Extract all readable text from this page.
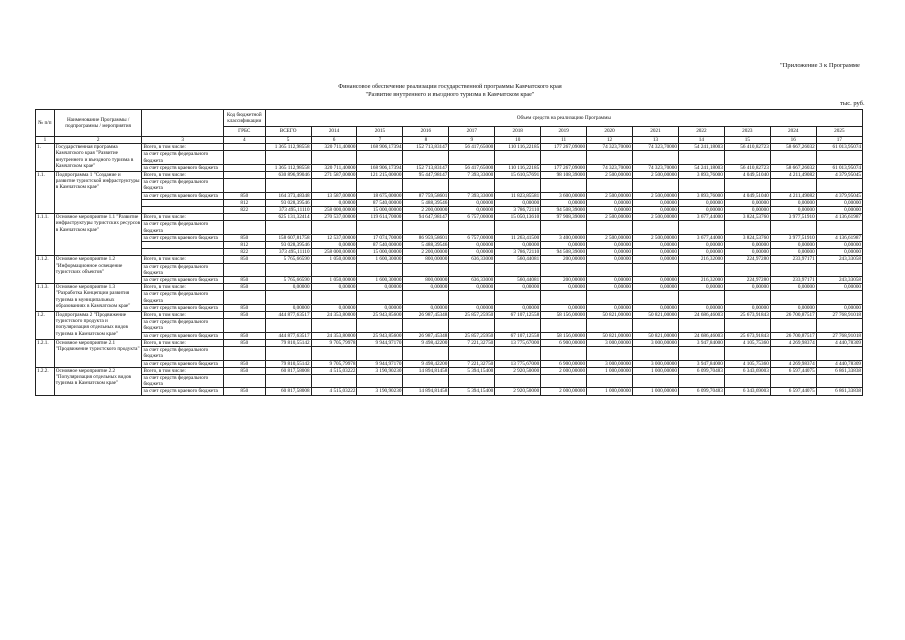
"Приложение 3 к Программе
Финансовое обеспечение реализации государственной программы Камчатского края
"Развитие внутреннего и въездного туризма в Камчатском крае"
тыс. руб.
№ п/п	Наименование Программы / подпрограммы / мероприятия		Код бюджетной классификации	Объем средств на реализацию Программы												
			ГРБС	ВСЕГО	2014	2015	2016	2017	2018	2019	2020	2021	2022	2023	2024	2025
1	2	3	4	5	6	7	8	9	10	11	12	13	14	15	16	17
1.	Государственная программа Камчатского края "Развитие внутреннего и въездного туризма в Камчатском крае"	Всего, в том числе:		1 365 112,98558	320 711,40000	168 906,17394	152 713,83147	56 417,65000	110 116,22185	177 267,09000	74 323,70000	74 323,70000	54 241,18003	56 410,82723	58 667,26032	61 013,95074
		за счет средств федерального бюджета														
		за счет средств краевого бюджета		1 365 112,98558	320 711,40000	168 906,17394	152 713,83147	56 417,65000	110 116,22185	177 267,09000	74 323,70000	74 323,70000	54 241,18003	56 410,82723	58 667,26032	61 013,95074
1.1.	Подпрограмма 1 "Создание и развитие туристской инфраструктуры в Камчатском крае"	Всего, в том числе:		630 896,99046	271 587,00000	121 215,00000	95 447,98147	7 393,33000	15 610,57691	98 108,39000	2 500,00000	2 500,00000	3 893,76000	4 049,51040	4 211,49082	4 379,95045
		за счет средств федерального бюджета														
		за счет средств краевого бюджета	850	164 373,48348	13 587,00000	18 675,00000	87 759,58601	7 393,33000	11 823,85581	3 600,00000	2 500,00000	2 500,00000	3 893,76000	4 049,51040	4 211,49082	4 379,95045
			812	93 028,39546	0,00000	87 540,00000	5 488,39546	0,00000	0,00000	0,00000	0,00000	0,00000	0,00000	0,00000	0,00000	0,00000
			822	373 495,11110	258 000,00000	15 000,00000	2 200,00000	0,00000	3 786,72110	94 508,39000	0,00000	0,00000	0,00000	0,00000	0,00000	0,00000
1.1.1.	Основное мероприятие 1.1 "Развитие инфраструктуры туристских ресурсов в Камчатском крае"	Всего, в том числе:		625 131,32414	270 537,00000	119 614,70000	94 647,98147	6 757,00000	15 050,13610	97 908,39000	2 500,00000	2 500,00000	3 677,44000	3 824,53760	3 977,51910	4 136,61987
		за счет средств федерального бюджета														
		за счет средств краевого бюджета	850	158 607,81758	12 537,00000	17 074,70000	86 959,58601	6 757,00000	11 263,41500	3 400,00000	2 500,00000	2 500,00000	3 677,44000	3 824,53760	3 977,51910	4 136,61987
			812	93 028,39546	0,00000	87 540,00000	5 488,39546	0,00000	0,00000	0,00000	0,00000	0,00000	0,00000	0,00000	0,00000	0,00000
			822	373 495,11110	258 000,00000	15 000,00000	2 200,00000	0,00000	3 786,72110	94 508,39000	0,00000	0,00000	0,00000	0,00000	0,00000	0,00000
1.1.2.	Основное мероприятие 1.2 "Информационное освещение туристских объектов"	Всего, в том числе:	850	5 765,66590	1 050,00000	1 600,30000	800,00000	636,33000	560,44081	200,00000	0,00000	0,00000	216,32000	224,97280	233,97171	243,33058
		за счет средств федерального бюджета														
		за счет средств краевого бюджета	850	5 765,66590	1 050,00000	1 600,30000	800,00000	636,33000	560,44081	200,00000	0,00000	0,00000	216,32000	224,97280	233,97171	243,33058
1.1.3.	Основное мероприятие 1.3 "Разработка Концепции развития туризма в муниципальных образованиях в Камчатском крае"	Всего, в том числе:	850	0,00000	0,00000	0,00000	0,00000	0,00000	0,00000	0,00000	0,00000	0,00000	0,00000	0,00000	0,00000	0,00000
		за счет средств федерального бюджета														
		за счет средств краевого бюджета	850	0,00000	0,00000	0,00000	0,00000	0,00000	0,00000	0,00000	0,00000	0,00000	0,00000	0,00000	0,00000	0,00000
1.2.	Подпрограмма 2 "Продвижение туристского продукта и популяризация отдельных видов туризма в Камчатском крае"	Всего, в том числе:	850	444 877,63517	24 353,80000	25 943,85600	26 987,45348	25 857,25950	67 107,12558	58 156,00000	50 821,00000	50 821,00000	24 686,46003	25 673,91843	26 700,87517	27 768,91018
		за счет средств федерального бюджета														
		за счет средств краевого бюджета	850	444 877,63517	24 353,80000	25 943,85600	26 987,45348	25 857,25950	67 107,12558	58 156,00000	50 821,00000	50 821,00000	24 686,46003	25 673,91843	26 700,87517	27 768,91018
1.2.1.	Основное мероприятие 2.1 "Продвижение туристского продукта"	Всего, в том числе:	850	79 810,55142	9 705,79978	9 944,97170	9 498,42200	7 221,32750	13 775,67000	6 900,00000	3 000,00000	3 000,00000	3 947,84000	4 105,75360	4 269,98374	4 440,78309
		за счет средств федерального бюджета														
		за счет средств краевого бюджета	850	79 810,55142	9 705,79978	9 944,97170	9 498,42200	7 221,32750	13 775,67000	6 900,00000	3 000,00000	3 000,00000	3 947,84000	4 105,75360	4 269,98374	4 440,78309
1.2.2.	Основное мероприятие 2.2 "Популяризация отдельных видов туризма в Камчатском крае"	Всего, в том числе:	850	60 817,58008	4 515,03222	3 190,90230	14 894,81458	5 394,15400	2 920,50000	2 000,00000	1 000,00000	1 000,00000	6 099,70483	6 343,69003	6 597,44075	6 861,33838
		за счет средств федерального бюджета														
		за счет средств краевого бюджета	850	60 817,58008	4 515,03222	3 190,90230	14 894,81458	5 394,15400	2 920,50000	2 000,00000	1 000,00000	1 000,00000	6 099,70483	6 343,69003	6 597,44075	6 861,33838
